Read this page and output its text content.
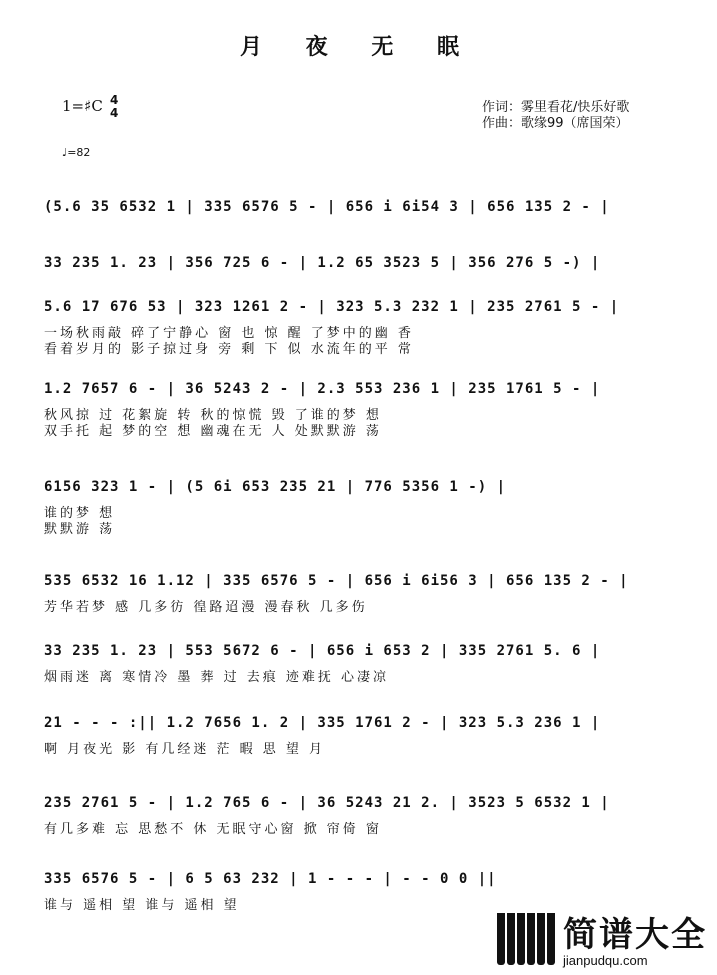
月 夜 无 眠
1=♯C 4
4	作词：雾里看花/快乐好歌
作曲：歌缘99（席国荣）
♩=82
(5.6 35 6532 1 | 335 6576 5 - | 656 i 6i54 3 | 656 135 2 - |
33 235 1. 23 | 356 725 6 - | 1.2 65 3523 5 | 356 276 5 -) |
5.6 17 676 53 | 323 1261 2 - | 323 5.3 232 1 | 235 2761 5 - |
1.2 7657 6 - | 36 5243 2 - | 2.3 553 236 1 | 235 1761 5 - |
6156 323 1 - | (5 6i 653 235 21 | 776 5356 1 -) |
535 6532 16 1.12 | 335 6576 5 - | 656 i 6i56 3 | 656 135 2 - |
33 235 1. 23 | 553 5672 6 - | 656 i 653 2 | 335 2761 5. 6 |
21 - - - :|| 1.2 7656 1. 2 | 335 1761 2 - | 323 5.3 236 1 |
235 2761 5 - | 1.2 765 6 - | 36 5243 21 2. | 3523 5 6532 1 |
335 6576 5 - | 6 5 63 232 | 1 - - - | - - 0 0 ||
一场秋雨敲 碎了宁静心 窗 也 惊 醒 了梦中的幽 香
看着岁月的 影子掠过身 旁 剩 下 似 水流年的平 常
秋风掠 过 花絮旋 转 秋的惊慌 毁 了谁的梦 想
双手托 起 梦的空 想 幽魂在无 人 处默默游 荡
谁的梦 想
默默游 荡
芳华若梦 感 几多彷 徨路迢漫 漫春秋 几多伤
烟雨迷 离 寒情冷 墨 葬 过 去痕 迹难抚 心凄凉
啊 月夜光 影 有几经迷 茫 暇 思 望 月
有几多难 忘 思愁不 休 无眠守心窗 掀 帘倚 窗
谁与 遥相 望 谁与 遥相 望
简谱大全
jianpudqu.com
